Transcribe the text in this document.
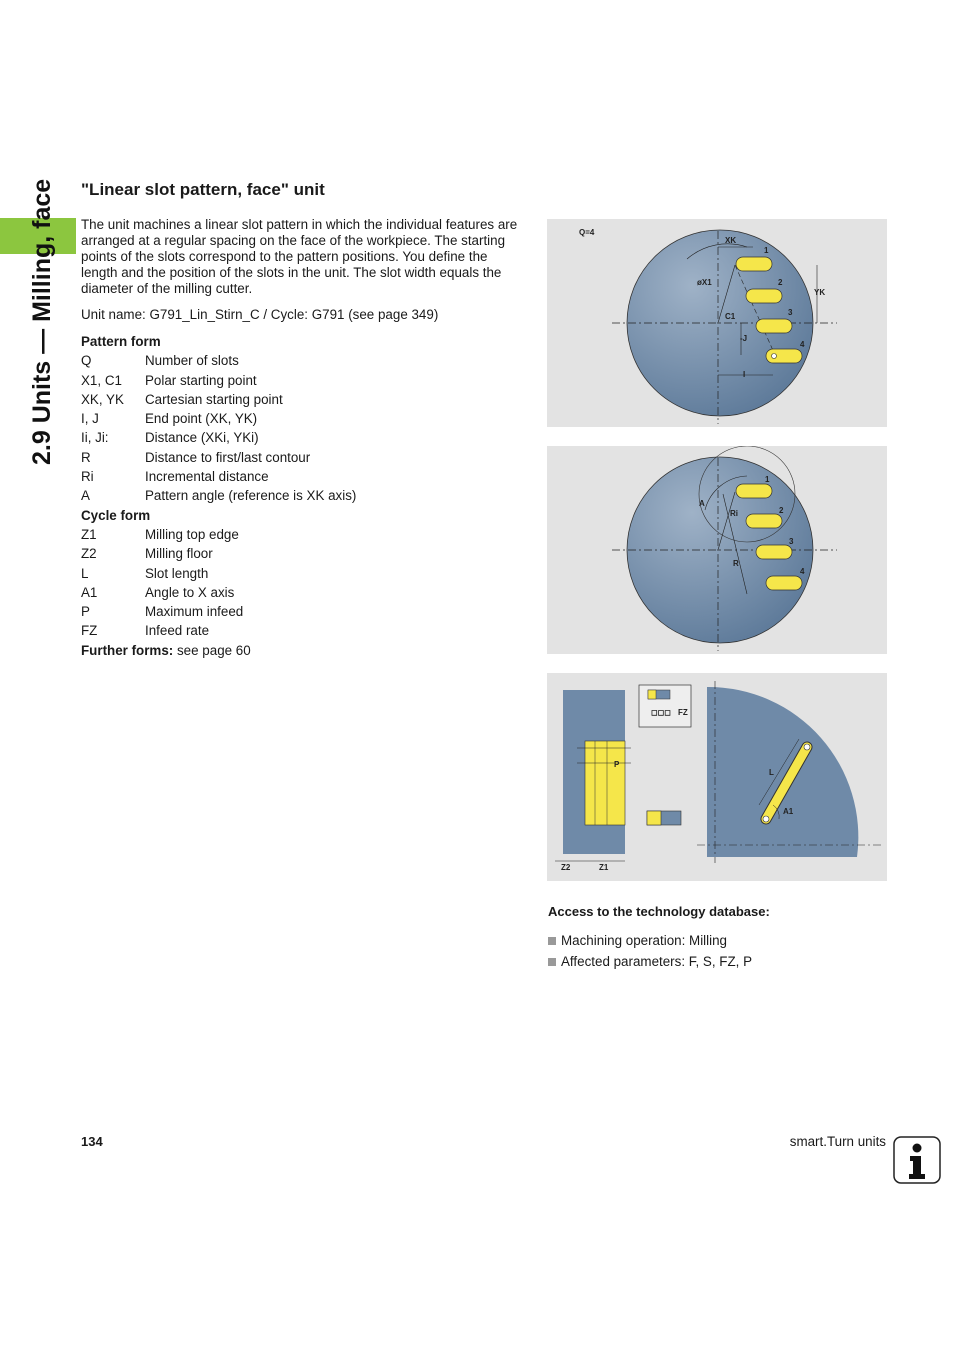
2.9 Units — Milling, face "Linear slot pattern, face" unit

The unit machines a linear slot pattern in which the individual features are arranged at a regular spacing on the face of the workpiece. The starting points of the slots correspond to the pattern positions. You define the length and the position of the slots in the unit. The slot width equals the diameter of the milling cutter.

Unit name: G791_Lin_Stirn_C / Cycle: G791 (see page 349)

Pattern form
Q	Number of slots
X1, C1	Polar starting point
XK, YK	Cartesian starting point
I, J	End point (XK, YK)
Ii, Ji:	Distance (XKi, YKi)
R	Distance to first/last contour
Ri	Incremental distance
A	Pattern angle (reference is XK axis)
Cycle form
Z1	Milling top edge
Z2	Milling floor
L	Slot length
A1	Angle to X axis
P	Maximum infeed
FZ	Infeed rate
Further forms: see page 60
Q=4
XK
øX1
C1
-J
I
YK
1
2
3
4
A
Ri
R
1
2
3
4
◻◻◻
P
FZ
Z2	Z1
L
A1
Access to the technology database:
Machining operation: Milling
Affected parameters: F, S, FZ, P
134	smart.Turn units
